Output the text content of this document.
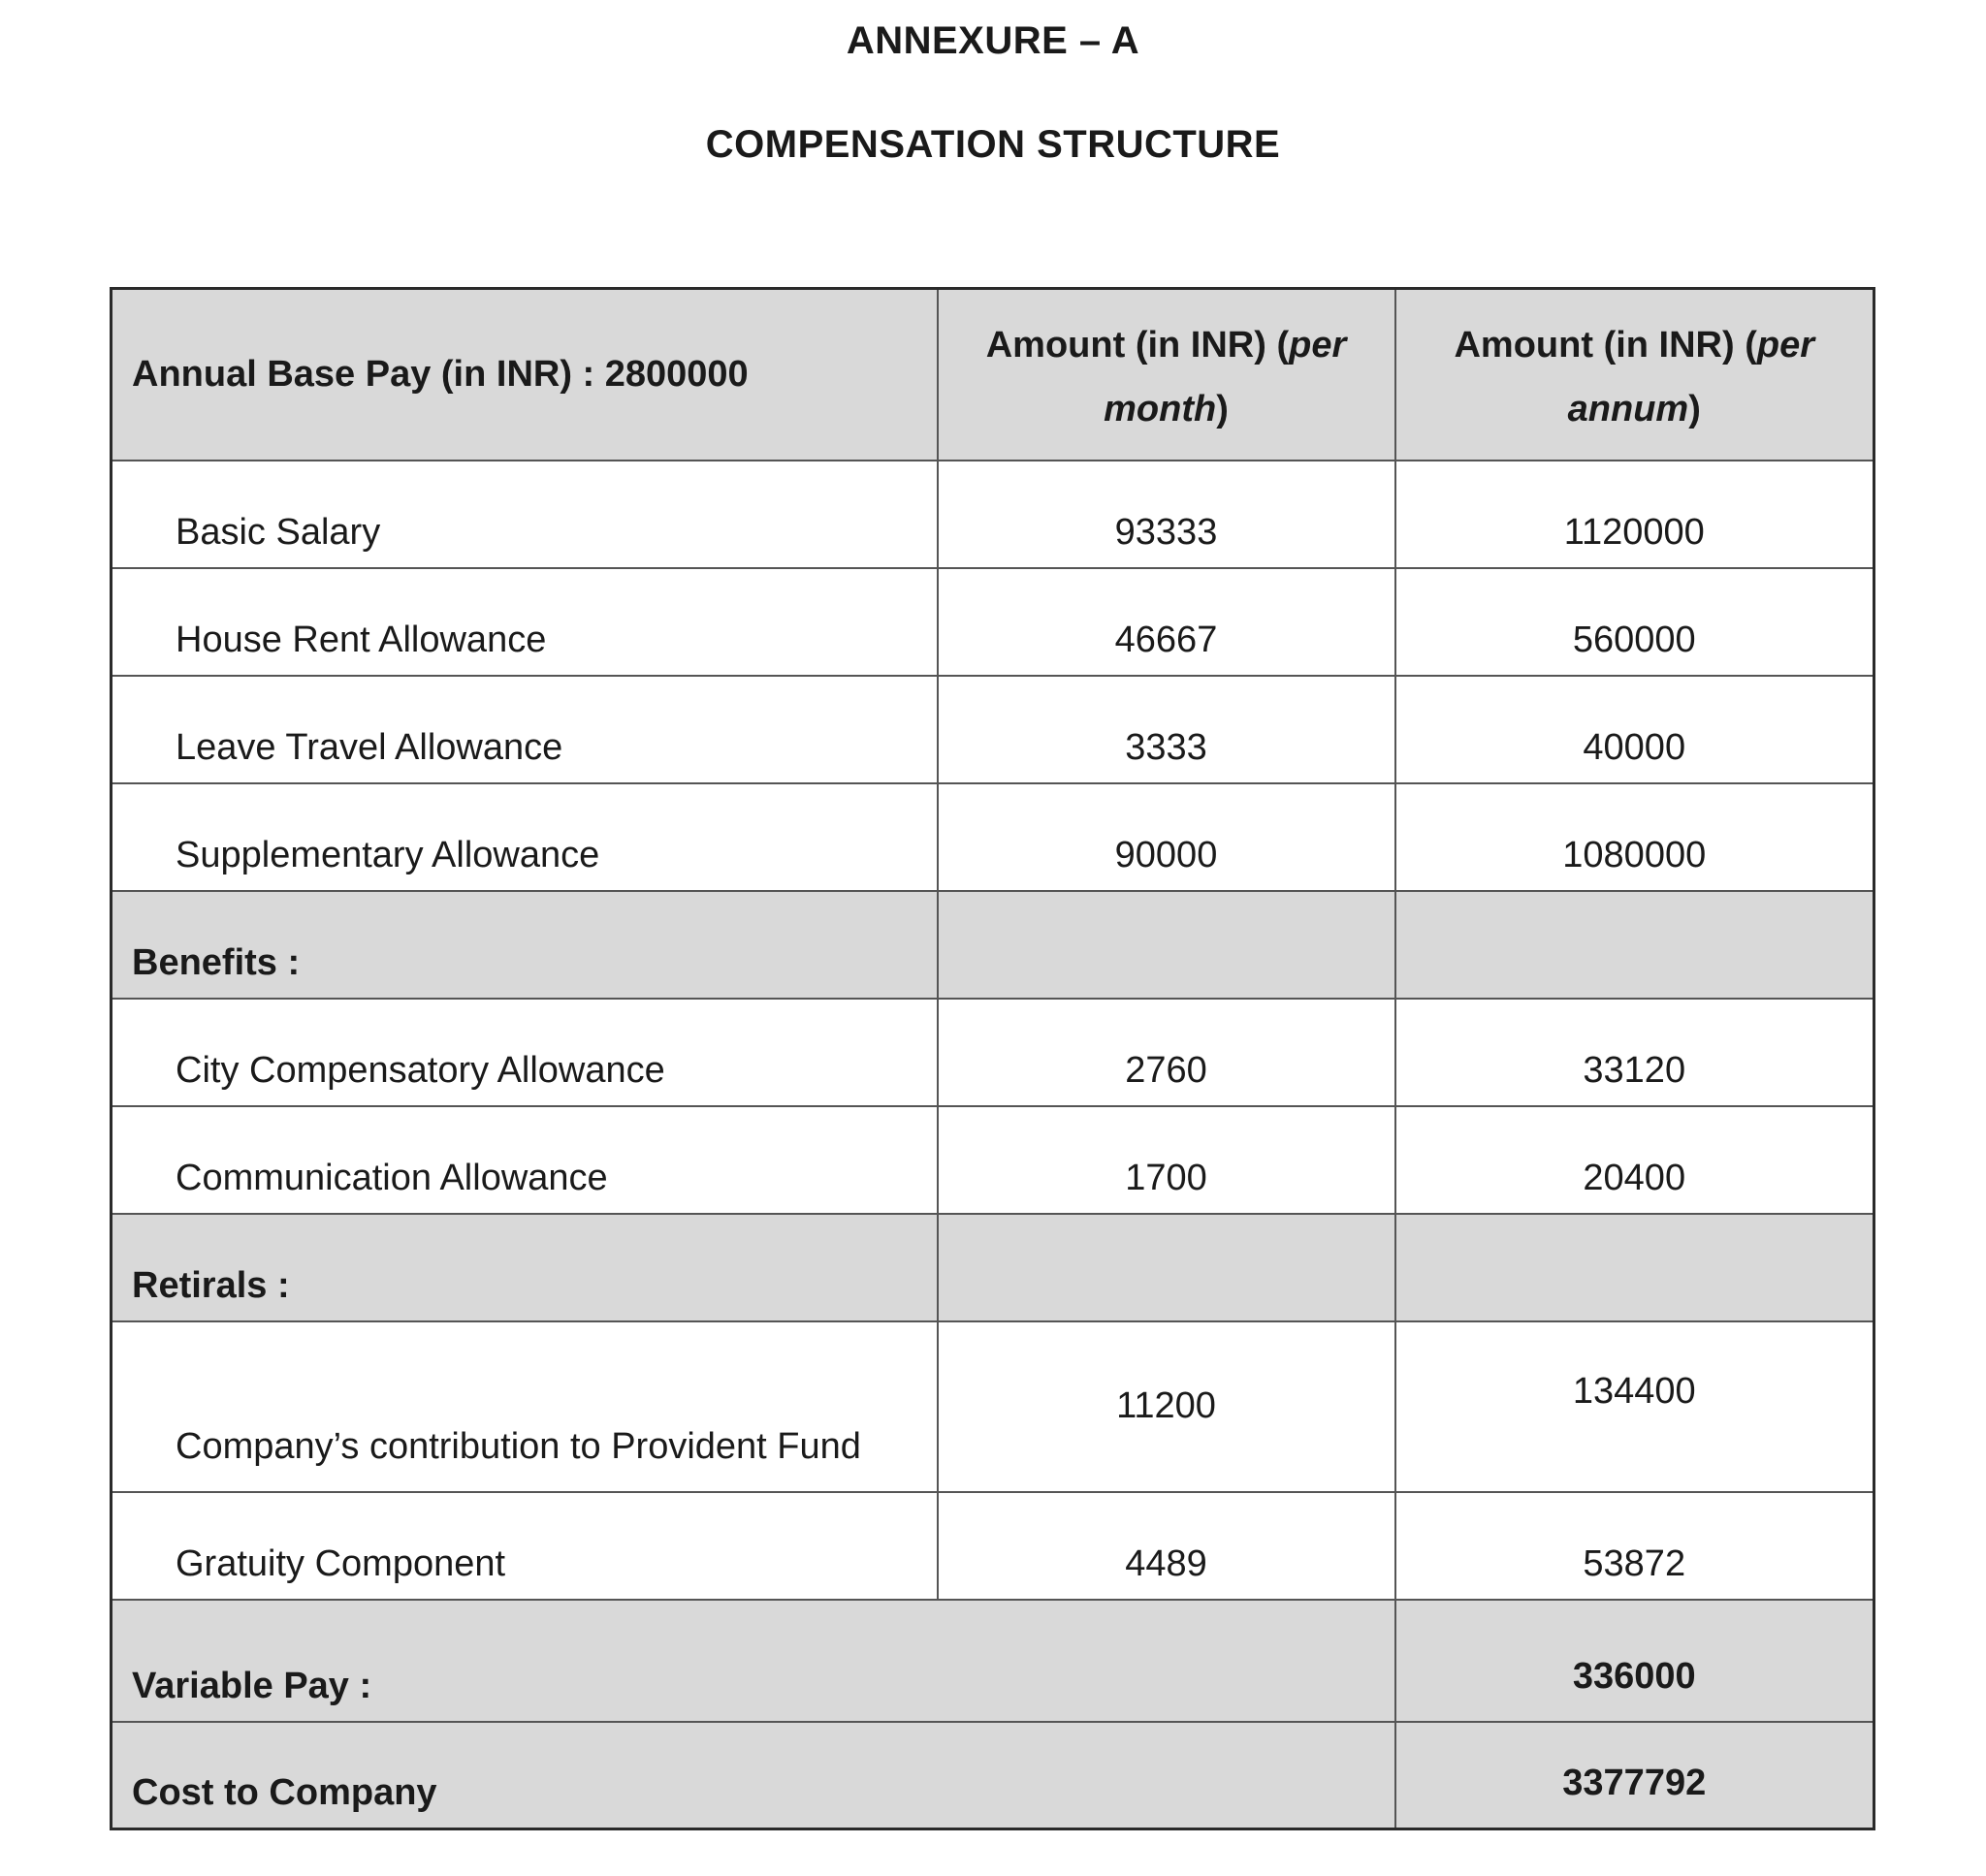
ANNEXURE – A
COMPENSATION STRUCTURE
Annual Base Pay (in INR) : 2800000	Amount (in INR) (per month)	Amount (in INR) (per annum)
Basic Salary	93333	1120000
House Rent Allowance	46667	560000
Leave Travel Allowance	3333	40000
Supplementary Allowance	90000	1080000
Benefits :		
City Compensatory Allowance	2760	33120
Communication Allowance	1700	20400
Retirals :		
Company’s contribution to Provident Fund	11200	134400
Gratuity Component	4489	53872
Variable Pay :		336000
Cost to Company		3377792
